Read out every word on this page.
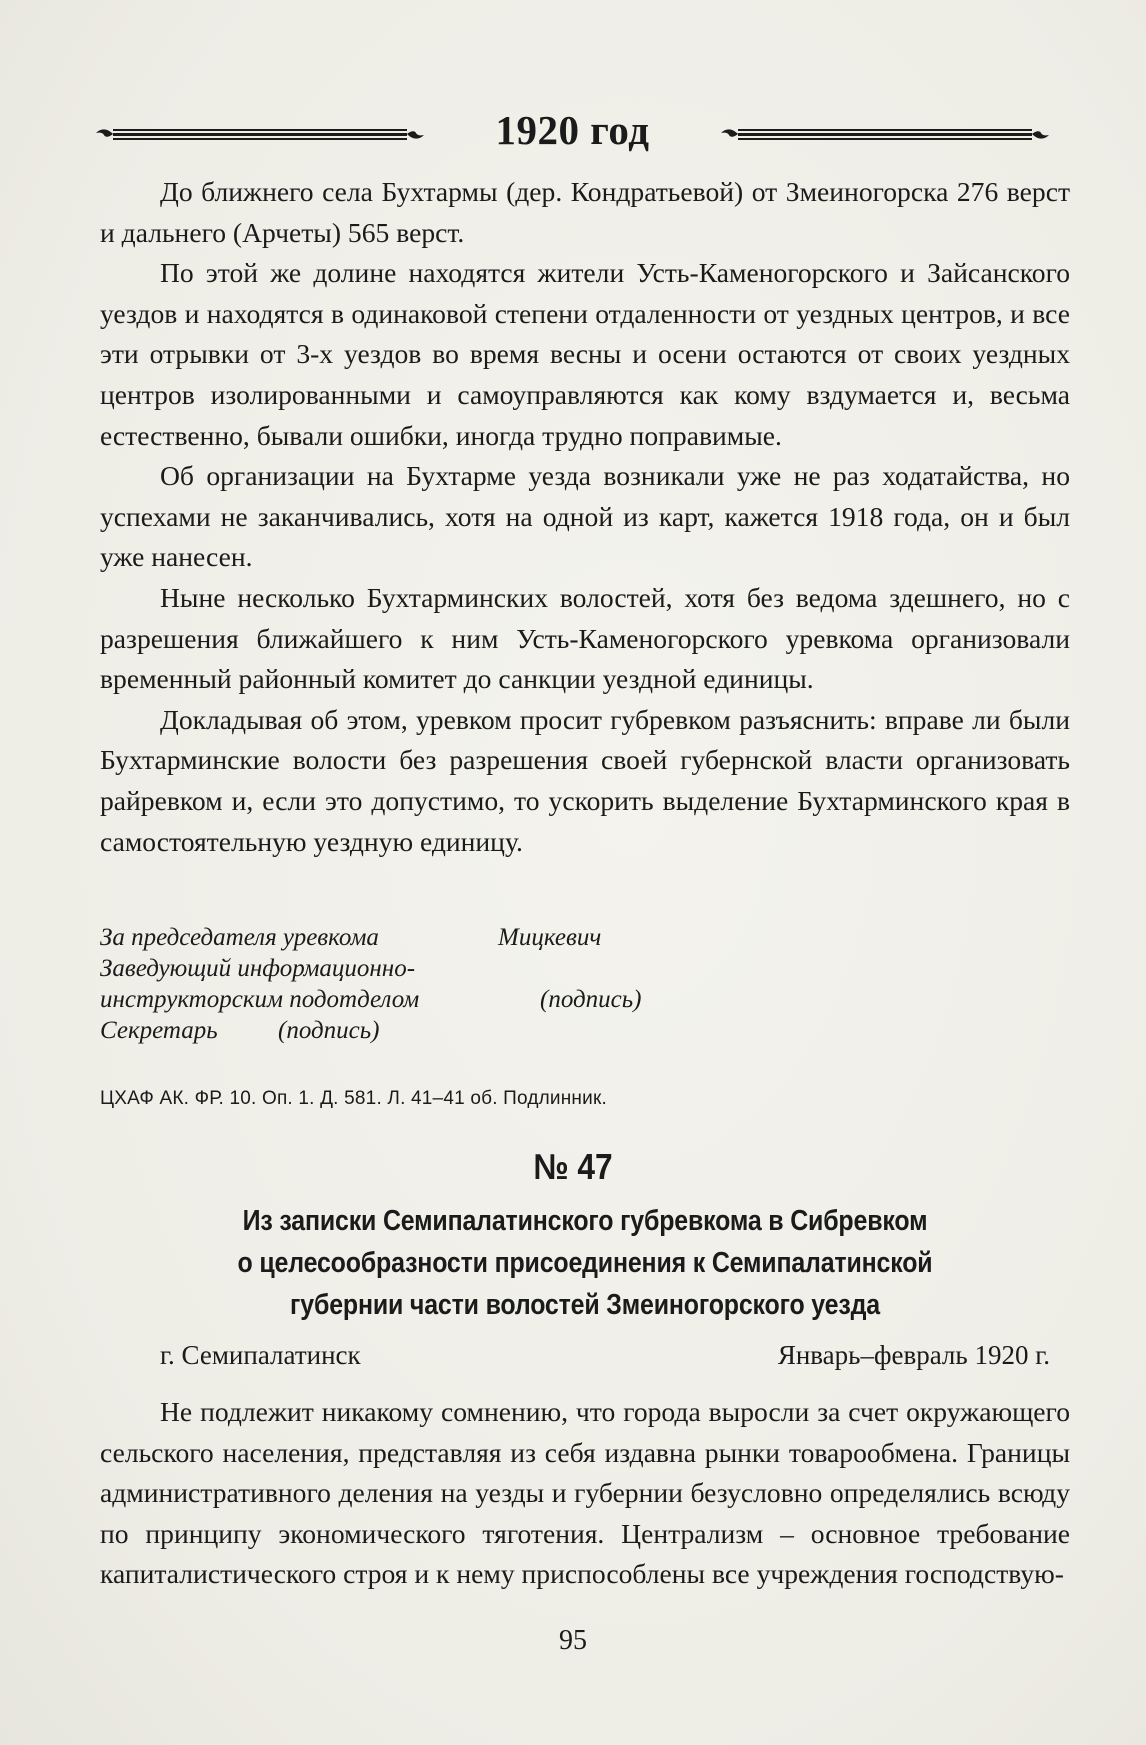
1920 год

До ближнего села Бухтармы (дер. Кондратьевой) от Змеиногорска 276 верст и дальнего (Арчеты) 565 верст.

По этой же долине находятся жители Усть-Каменогорского и Зайсанского уездов и находятся в одинаковой степени отдаленности от уездных центров, и все эти отрывки от 3-х уездов во время весны и осени остаются от своих уездных центров изолированными и самоуправляются как кому вздумается и, весьма естественно, бывали ошибки, иногда трудно поправимые.

Об организации на Бухтарме уезда возникали уже не раз ходатайства, но успехами не заканчивались, хотя на одной из карт, кажется 1918 года, он и был уже нанесен.

Ныне несколько Бухтарминских волостей, хотя без ведома здешнего, но с разрешения ближайшего к ним Усть-Каменогорского уревкома организовали временный районный комитет до санкции уездной единицы.

Докладывая об этом, уревком просит губревком разъяснить: вправе ли были Бухтарминские волости без разрешения своей губернской власти организовать райревком и, если это допустимо, то ускорить выделение Бухтарминского края в самостоятельную уездную единицу.

За председателя уревкома	Мицкевич
Заведующий информационно-
инструкторским подотделом	(подпись)
Секретарь (подпись)
ЦХАФ АК. ФР. 10. Оп. 1. Д. 581. Л. 41–41 об. Подлинник.
№ 47
Из записки Семипалатинского губревкома в Сибревком
о целесообразности присоединения к Семипалатинской
губернии части волостей Змеиногорского уезда
г. Семипалатинск	Январь–февраль 1920 г.

Не подлежит никакому сомнению, что города выросли за счет окружающего сельского населения, представляя из себя издавна рынки товарообмена. Границы административного деления на уезды и губернии безусловно определялись всюду по принципу экономического тяготения. Централизм – основное требование капиталистического строя и к нему приспособлены все учреждения господствую-

95
